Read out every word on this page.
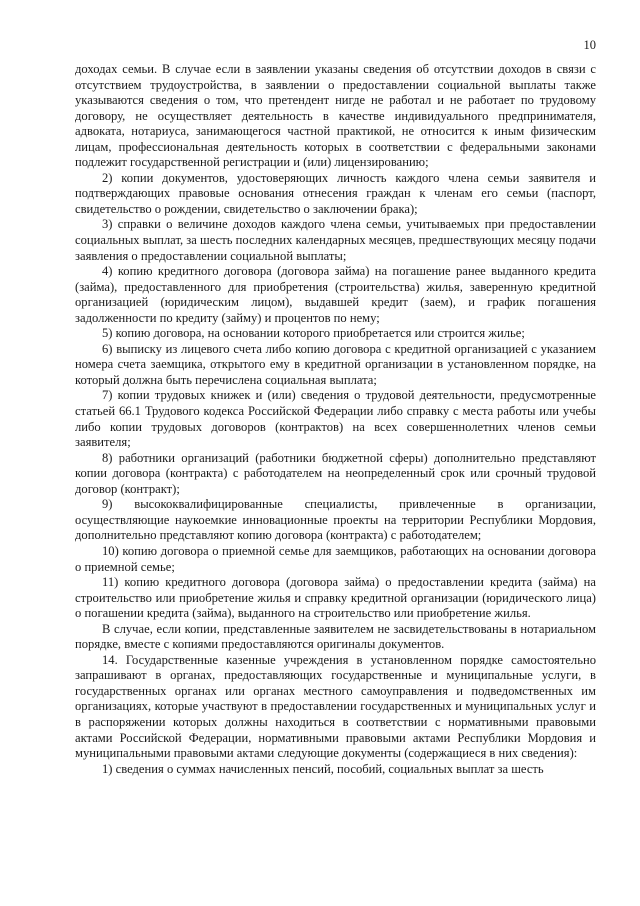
10

доходах семьи. В случае если в заявлении указаны сведения об отсутствии доходов в связи с отсутствием трудоустройства, в заявлении о предоставлении социальной выплаты также указываются сведения о том, что претендент нигде не работал и не работает по трудовому договору, не осуществляет деятельность в качестве индивидуального предпринимателя, адвоката, нотариуса, занимающегося частной практикой, не относится к иным физическим лицам, профессиональная деятельность которых в соответствии с федеральными законами подлежит государственной регистрации и (или) лицензированию;

2) копии документов, удостоверяющих личность каждого члена семьи заявителя и подтверждающих правовые основания отнесения граждан к членам его семьи (паспорт, свидетельство о рождении, свидетельство о заключении брака);

3) справки о величине доходов каждого члена семьи, учитываемых при предоставлении социальных выплат, за шесть последних календарных месяцев, предшествующих месяцу подачи заявления о предоставлении социальной выплаты;

4) копию кредитного договора (договора займа) на погашение ранее выданного кредита (займа), предоставленного для приобретения (строительства) жилья, заверенную кредитной организацией (юридическим лицом), выдавшей кредит (заем), и график погашения задолженности по кредиту (займу) и процентов по нему;

5) копию договора, на основании которого приобретается или строится жилье;

6) выписку из лицевого счета либо копию договора с кредитной организацией с указанием номера счета заемщика, открытого ему в кредитной организации в установленном порядке, на который должна быть перечислена социальная выплата;

7) копии трудовых книжек и (или) сведения о трудовой деятельности, предусмотренные статьей 66.1 Трудового кодекса Российской Федерации либо справку с места работы или учебы либо копии трудовых договоров (контрактов) на всех совершеннолетних членов семьи заявителя;

8) работники организаций (работники бюджетной сферы) дополнительно представляют копии договора (контракта) с работодателем на неопределенный срок или срочный трудовой договор (контракт);

9) высококвалифицированные специалисты, привлеченные в организации, осуществляющие наукоемкие инновационные проекты на территории Республики Мордовия, дополнительно представляют копию договора (контракта) с работодателем;

10) копию договора о приемной семье для заемщиков, работающих на основании договора о приемной семье;

11) копию кредитного договора (договора займа) о предоставлении кредита (займа) на строительство или приобретение жилья и справку кредитной организации (юридического лица) о погашении кредита (займа), выданного на строительство или приобретение жилья.

В случае, если копии, представленные заявителем не засвидетельствованы в нотариальном порядке, вместе с копиями предоставляются оригиналы документов.

14. Государственные казенные учреждения в установленном порядке самостоятельно запрашивают в органах, предоставляющих государственные и муниципальные услуги, в государственных органах или органах местного самоуправления и подведомственных им организациях, которые участвуют в предоставлении государственных и муниципальных услуг и в распоряжении которых должны находиться в соответствии с нормативными правовыми актами Российской Федерации, нормативными правовыми актами Республики Мордовия и муниципальными правовыми актами следующие документы (содержащиеся в них сведения):

1) сведения о суммах начисленных пенсий, пособий, социальных выплат за шесть
